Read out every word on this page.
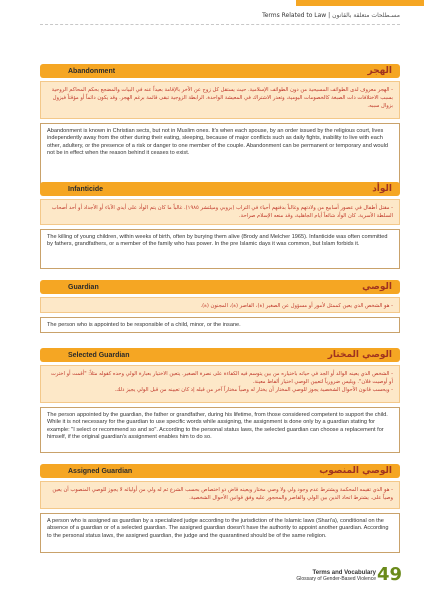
Terms Related to Law | مسـطلحات متعلقة بالقانون
Abandonment	الهجر
- الهجر معروف لدى الطوائف المسيحية من دون الطوائف الإسلامية. حيث يستقل كل زوج عن الآخر بالإقامة بعيداً عنه في البيات والمضجع بحكم المحاكم الروحية بسبب الاختلافات ذات الصبغة كالخصومات اليومية، وتعذر الاشتراك في المعيشة الواحدة. الرابطة الزوجية تبقى قائمة برغم الهجر. وقد يكون دائماً أو مؤقتاً فيزول بزوال سببه.
Abandonment is known in Christian sects, but not in Muslim ones. It's when each spouse, by an order issued by the religious court, lives independently away from the other during their eating, sleeping, because of major conflicts such as daily fights, inability to live with each other, adultery, or the presence of a risk or danger to one member of the couple. Abandonment can be permanent or temporary and would not be in effect when the reason behind it ceases to exist.
Infanticide	الوأد
- مقتل أطفال في عصور أسابيع من ولادتهم وغالباً بدفنهم أحياء في التراب (بروبي وميلتشر ١٩٨٥). غالباً ما كان يتم الوأد على أيدي الآباء أو الأجداد أو أحد أصحاب السلطة الأسرية. كان الوأد شائعاً أيام الجاهلية، وقد منعه الإسلام صراحة.
The killing of young children, within weeks of birth, often by burying them alive (Brody and Melcher 1965). Infanticide was often committed by fathers, grandfathers, or a member of the family who has power. In the pre Islamic days it was common, but Islam forbids it.
Guardian	الوصي
- هو الشخص الذي يعين كممثل لأمور أو مسؤول عن الصغير (ة)، القاصر (ة)، المجنون (ة).
The person who is appointed to be responsible of a child, minor, or the insane.
Selected Guardian	الوصي المختار
- الشخص الذي يعينه الوالد أو الجد في حياته باختياره من بين يتوسم فيه الكفاءة على نصرة الصغير. يتعين الاختيار بعبارة الولي وحده كقوله مثلاً: "أقمت أو اخترت أو أوصيت فلان". ويليس ضرورياً لتعيين الوصي اختيار ألفاظ معينة.
- ويحسب قانون الأحوال الشخصية يجوز للوصي المختار أن يختار له وصياً مختاراً آخر من قبله إذ كان تعيينه من قبل الولي يجيز ذلك.
The person appointed by the guardian, the father or grandfather, during his lifetime, from those considered competent to support the child. While it is not necessary for the guardian to use specific words while assigning, the assignment is done only by a guardian stating for example: "I select or recommend so and so". According to the personal status laws, the selected guardian can choose a replacement for himself, if the original guardian's assignment enables him to do so.
Assigned Guardian	الوصي المنصوب
- هو الذي تقيمه المحكمة ويشترط عدم وجود ولي ولا وصي مختار ويعينه قاض ذو اختصاص بحسب الشرع ثم له ولي من أوليائه لا يجوز للوصي المنصوب أن يعين وصياً على. يشترط اتحاد الدين بين الولي والقاصر والمحجور عليه وفق قوانين الأحوال الشخصية.
A person who is assigned as guardian by a specialized judge according to the jurisdiction of the Islamic laws (Shari'a), conditional on the absence of a guardian or of a selected guardian. The assigned guardian doesn't have the authority to appoint another guardian. According to the personal status laws, the assigned guardian, the judge and the quarantined should be of the same religion.
Terms and Vocabulary
Glossary of Gender-Based Violence 49
